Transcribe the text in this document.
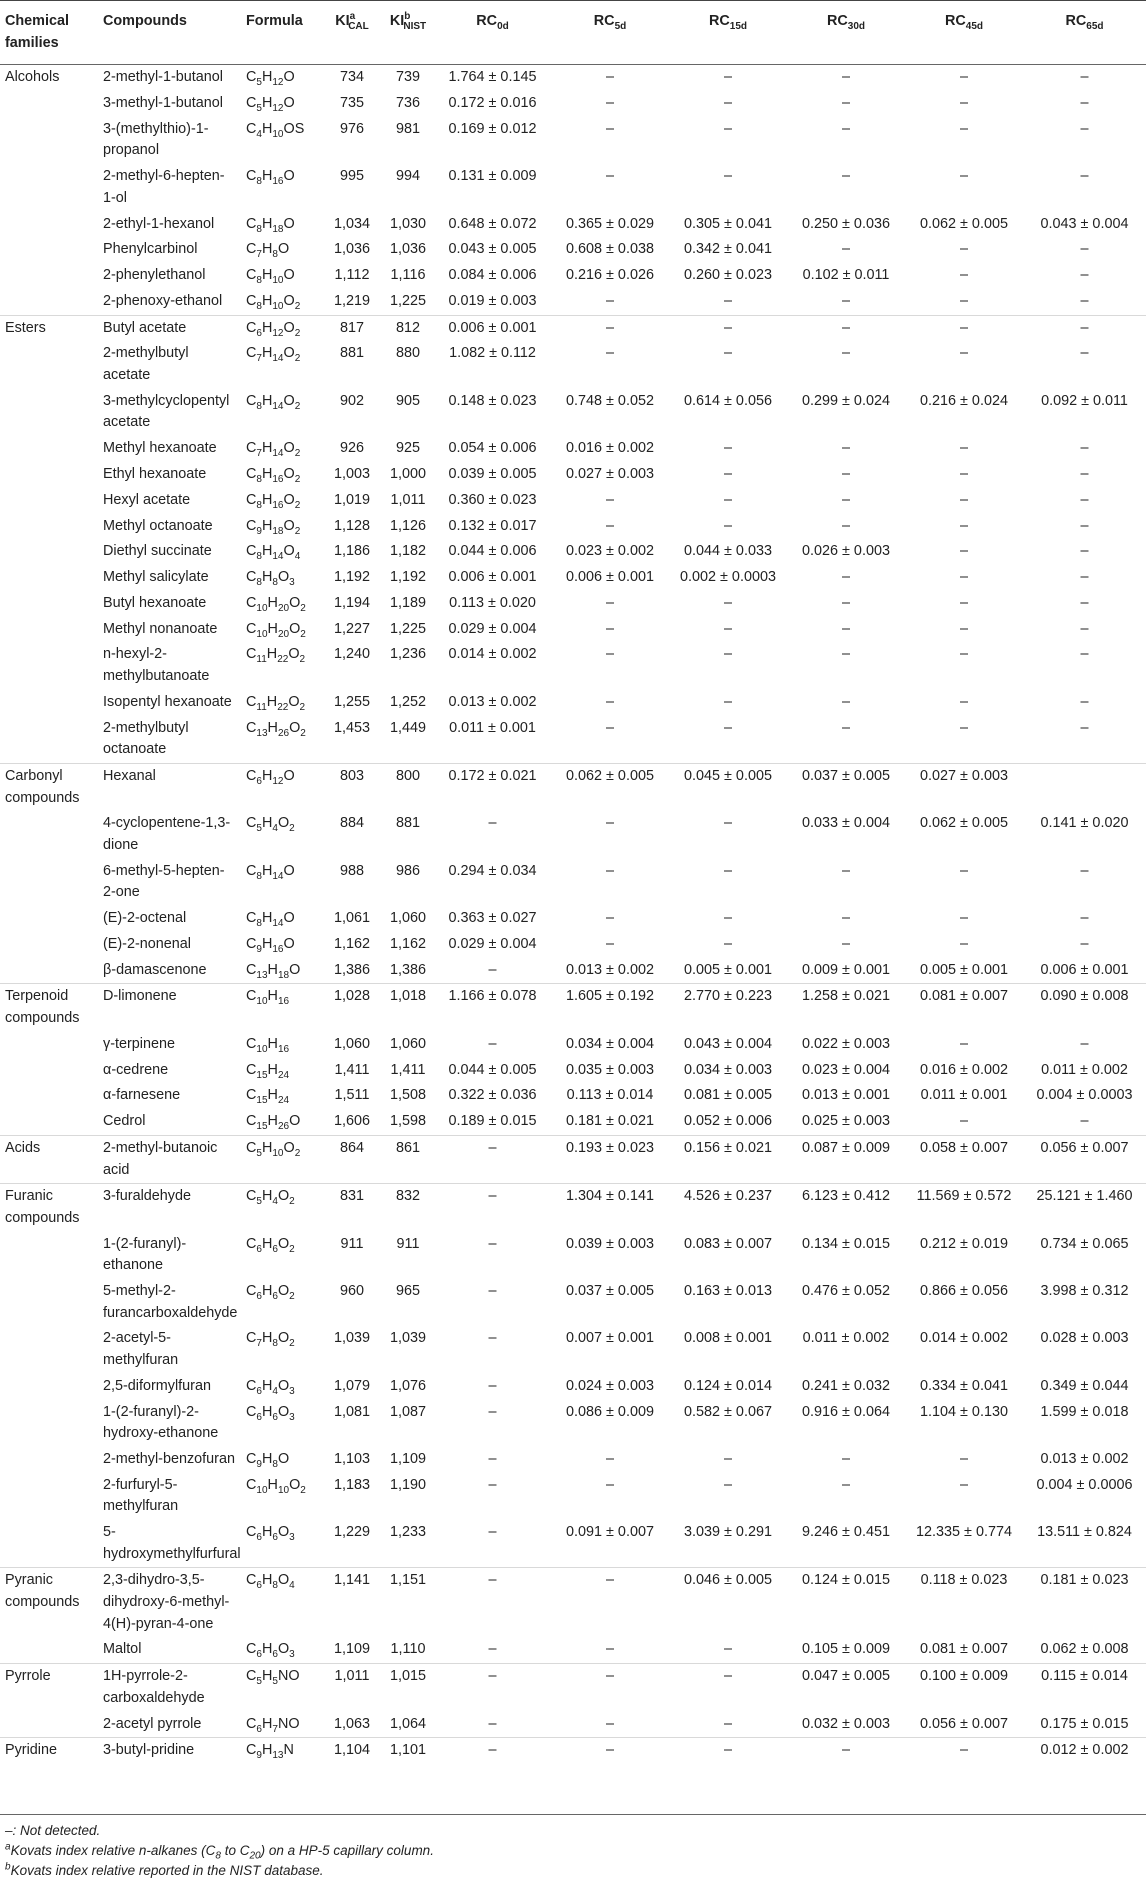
Chemical families	Compounds	Formula	$KI^a_{CAL}$	$KI^b_{NIST}$	$RC_{0d}$	$RC_{5d}$	$RC_{15d}$	$RC_{30d}$	$RC_{45d}$	$RC_{65d}$
Alcohols	2-methyl-1-butanol	$C_5H_{12}O$	734	739	1.764 ± 0.145	–	–	–	–	–
	3-methyl-1-butanol	$C_5H_{12}O$	735	736	0.172 ± 0.016	–	–	–	–	–
	3-(methylthio)-1-propanol	$C_4H_{10}OS$	976	981	0.169 ± 0.012	–	–	–	–	–
	2-methyl-6-hepten-1-ol	$C_8H_{16}O$	995	994	0.131 ± 0.009	–	–	–	–	–
	2-ethyl-1-hexanol	$C_8H_{18}O$	1,034	1,030	0.648 ± 0.072	0.365 ± 0.029	0.305 ± 0.041	0.250 ± 0.036	0.062 ± 0.005	0.043 ± 0.004
	Phenylcarbinol	$C_7H_8O$	1,036	1,036	0.043 ± 0.005	0.608 ± 0.038	0.342 ± 0.041	–	–	–
	2-phenylethanol	$C_8H_{10}O$	1,112	1,116	0.084 ± 0.006	0.216 ± 0.026	0.260 ± 0.023	0.102 ± 0.011	–	–
	2-phenoxy-ethanol	$C_8H_{10}O_2$	1,219	1,225	0.019 ± 0.003	–	–	–	–	–
Esters	Butyl acetate	$C_6H_{12}O_2$	817	812	0.006 ± 0.001	–	–	–	–	–
	2-methylbutyl acetate	$C_7H_{14}O_2$	881	880	1.082 ± 0.112	–	–	–	–	–
	3-methylcyclopentyl acetate	$C_8H_{14}O_2$	902	905	0.148 ± 0.023	0.748 ± 0.052	0.614 ± 0.056	0.299 ± 0.024	0.216 ± 0.024	0.092 ± 0.011
	Methyl hexanoate	$C_7H_{14}O_2$	926	925	0.054 ± 0.006	0.016 ± 0.002	–	–	–	–
	Ethyl hexanoate	$C_8H_{16}O_2$	1,003	1,000	0.039 ± 0.005	0.027 ± 0.003	–	–	–	–
	Hexyl acetate	$C_8H_{16}O_2$	1,019	1,011	0.360 ± 0.023	–	–	–	–	–
	Methyl octanoate	$C_9H_{18}O_2$	1,128	1,126	0.132 ± 0.017	–	–	–	–	–
	Diethyl succinate	$C_8H_{14}O_4$	1,186	1,182	0.044 ± 0.006	0.023 ± 0.002	0.044 ± 0.033	0.026 ± 0.003	–	–
	Methyl salicylate	$C_8H_8O_3$	1,192	1,192	0.006 ± 0.001	0.006 ± 0.001	0.002 ± 0.0003	–	–	–
	Butyl hexanoate	$C_{10}H_{20}O_2$	1,194	1,189	0.113 ± 0.020	–	–	–	–	–
	Methyl nonanoate	$C_{10}H_{20}O_2$	1,227	1,225	0.029 ± 0.004	–	–	–	–	–
	n-hexyl-2-methylbutanoate	$C_{11}H_{22}O_2$	1,240	1,236	0.014 ± 0.002	–	–	–	–	–
	Isopentyl hexanoate	$C_{11}H_{22}O_2$	1,255	1,252	0.013 ± 0.002	–	–	–	–	–
	2-methylbutyl octanoate	$C_{13}H_{26}O_2$	1,453	1,449	0.011 ± 0.001	–	–	–	–	–
Carbonyl compounds	Hexanal	$C_6H_{12}O$	803	800	0.172 ± 0.021	0.062 ± 0.005	0.045 ± 0.005	0.037 ± 0.005	0.027 ± 0.003	
	4-cyclopentene-1,3-dione	$C_5H_4O_2$	884	881	–	–	–	0.033 ± 0.004	0.062 ± 0.005	0.141 ± 0.020
	6-methyl-5-hepten-2-one	$C_8H_{14}O$	988	986	0.294 ± 0.034	–	–	–	–	–
	(E)-2-octenal	$C_8H_{14}O$	1,061	1,060	0.363 ± 0.027	–	–	–	–	–
	(E)-2-nonenal	$C_9H_{16}O$	1,162	1,162	0.029 ± 0.004	–	–	–	–	–
	β-damascenone	$C_{13}H_{18}O$	1,386	1,386	–	0.013 ± 0.002	0.005 ± 0.001	0.009 ± 0.001	0.005 ± 0.001	0.006 ± 0.001
Terpenoid compounds	D-limonene	$C_{10}H_{16}$	1,028	1,018	1.166 ± 0.078	1.605 ± 0.192	2.770 ± 0.223	1.258 ± 0.021	0.081 ± 0.007	0.090 ± 0.008
	γ-terpinene	$C_{10}H_{16}$	1,060	1,060	–	0.034 ± 0.004	0.043 ± 0.004	0.022 ± 0.003	–	–
	α-cedrene	$C_{15}H_{24}$	1,411	1,411	0.044 ± 0.005	0.035 ± 0.003	0.034 ± 0.003	0.023 ± 0.004	0.016 ± 0.002	0.011 ± 0.002
	α-farnesene	$C_{15}H_{24}$	1,511	1,508	0.322 ± 0.036	0.113 ± 0.014	0.081 ± 0.005	0.013 ± 0.001	0.011 ± 0.001	0.004 ± 0.0003
	Cedrol	$C_{15}H_{26}O$	1,606	1,598	0.189 ± 0.015	0.181 ± 0.021	0.052 ± 0.006	0.025 ± 0.003	–	–
Acids	2-methyl-butanoic acid	$C_5H_{10}O_2$	864	861	–	0.193 ± 0.023	0.156 ± 0.021	0.087 ± 0.009	0.058 ± 0.007	0.056 ± 0.007
Furanic compounds	3-furaldehyde	$C_5H_4O_2$	831	832	–	1.304 ± 0.141	4.526 ± 0.237	6.123 ± 0.412	11.569 ± 0.572	25.121 ± 1.460
	1-(2-furanyl)-ethanone	$C_6H_6O_2$	911	911	–	0.039 ± 0.003	0.083 ± 0.007	0.134 ± 0.015	0.212 ± 0.019	0.734 ± 0.065
	5-methyl-2-furancarboxaldehyde	$C_6H_6O_2$	960	965	–	0.037 ± 0.005	0.163 ± 0.013	0.476 ± 0.052	0.866 ± 0.056	3.998 ± 0.312
	2-acetyl-5-methylfuran	$C_7H_8O_2$	1,039	1,039	–	0.007 ± 0.001	0.008 ± 0.001	0.011 ± 0.002	0.014 ± 0.002	0.028 ± 0.003
	2,5-diformylfuran	$C_6H_4O_3$	1,079	1,076	–	0.024 ± 0.003	0.124 ± 0.014	0.241 ± 0.032	0.334 ± 0.041	0.349 ± 0.044
	1-(2-furanyl)-2-hydroxy-ethanone	$C_6H_6O_3$	1,081	1,087	–	0.086 ± 0.009	0.582 ± 0.067	0.916 ± 0.064	1.104 ± 0.130	1.599 ± 0.018
	2-methyl-benzofuran	$C_9H_8O$	1,103	1,109	–	–	–	–	–	0.013 ± 0.002
	2-furfuryl-5-methylfuran	$C_{10}H_{10}O_2$	1,183	1,190	–	–	–	–	–	0.004 ± 0.0006
	5-hydroxymethylfurfural	$C_6H_6O_3$	1,229	1,233	–	0.091 ± 0.007	3.039 ± 0.291	9.246 ± 0.451	12.335 ± 0.774	13.511 ± 0.824
Pyranic compounds	2,3-dihydro-3,5-dihydroxy-6-methyl-4(H)-pyran-4-one	$C_6H_8O_4$	1,141	1,151	–	–	0.046 ± 0.005	0.124 ± 0.015	0.118 ± 0.023	0.181 ± 0.023
	Maltol	$C_6H_6O_3$	1,109	1,110	–	–	–	0.105 ± 0.009	0.081 ± 0.007	0.062 ± 0.008
Pyrrole	1H-pyrrole-2-carboxaldehyde	$C_5H_5NO$	1,011	1,015	–	–	–	0.047 ± 0.005	0.100 ± 0.009	0.115 ± 0.014
	2-acetyl pyrrole	$C_6H_7NO$	1,063	1,064	–	–	–	0.032 ± 0.003	0.056 ± 0.007	0.175 ± 0.015
Pyridine	3-butyl-pridine	$C_9H_{13}N$	1,104	1,101	–	–	–	–	–	0.012 ± 0.002
–: Not detected.
$^a$Kovats index relative n-alkanes ($C_8$ to $C_{20}$) on a HP-5 capillary column.
$^b$Kovats index relative reported in the NIST database.
